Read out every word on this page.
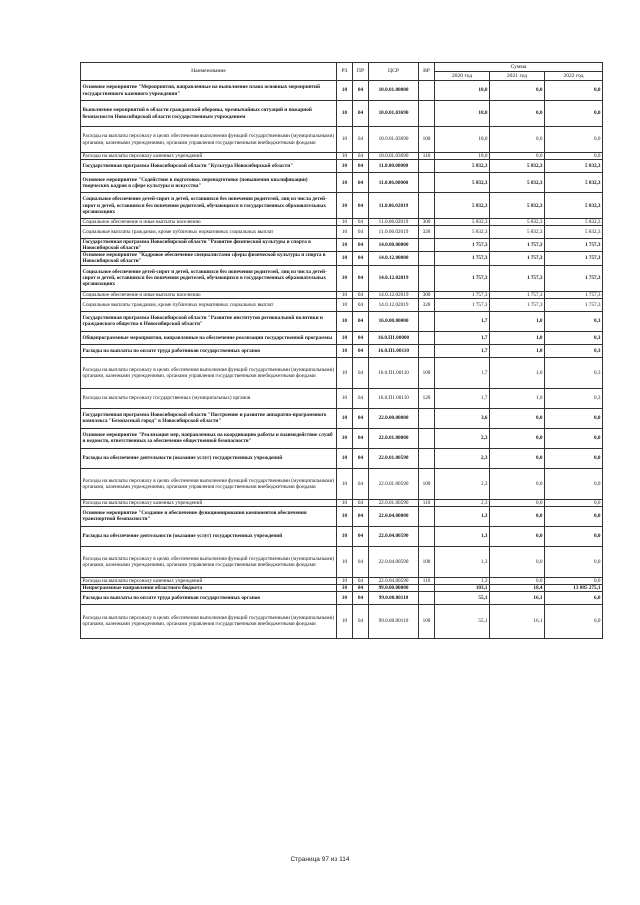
Наименование	РЗ	ПР	ЦСР	ВР	Сумма		
					2020 год	2021 год	2022 год
Основное мероприятие "Мероприятия, направленные на выполнение плана основных мероприятий государственного казенного учреждения"	10	04	10.0.01.00000		18,0	0,0	0,0
Выполнение мероприятий в области гражданской обороны, чрезвычайных ситуаций и пожарной безопасности Новосибирской области государственным учреждением	10	04	10.0.01.03690		18,0	0,0	0,0
Расходы на выплаты персоналу в целях обеспечения выполнения функций государственными (муниципальными) органами, казенными учреждениями, органами управления государственными внебюджетными фондами	10	04	10.0.01.03690	100	18,0	0,0	0,0
Расходы на выплаты персоналу казенных учреждений	10	04	10.0.01.03690	110	18,0	0,0	0,0
Государственная программа Новосибирской области "Культура Новосибирской области"	10	04	11.0.00.00000		5 832,3	5 832,3	5 832,3
Основное мероприятие "Содействие в подготовке, переподготовке (повышении квалификации) творческих кадров в сфере культуры и искусства"	10	04	11.0.06.00000		5 832,3	5 832,3	5 832,3
Социальное обеспечение детей-сирот и детей, оставшихся без попечения родителей, лиц из числа детей-сирот и детей, оставшихся без попечения родителей, обучающихся в государственных образовательных организациях	10	04	11.0.06.02019		5 832,3	5 832,3	5 832,3
Социальное обеспечение и иные выплаты населению	10	04	11.0.06.02019	300	5 832,3	5 832,3	5 832,3
Социальные выплаты гражданам, кроме публичных нормативных социальных выплат	10	04	11.0.06.02019	320	5 832,3	5 832,3	5 832,3
Государственная программа Новосибирской области "Развитие физической культуры и спорта в Новосибирской области"	10	04	14.0.00.00000		1 757,3	1 757,3	1 757,3
Основное мероприятие "Кадровое обеспечение специалистами сферы физической культуры и спорта в Новосибирской области"	10	04	14.0.12.00000		1 757,3	1 757,3	1 757,3
Социальное обеспечение детей-сирот и детей, оставшихся без попечения родителей, лиц из числа детей-сирот и детей, оставшихся без попечения родителей, обучающихся в государственных образовательных организациях	10	04	14.0.12.02019		1 757,3	1 757,3	1 757,3
Социальное обеспечение и иные выплаты населению	10	04	14.0.12.02019	300	1 757,3	1 757,3	1 757,3
Социальные выплаты гражданам, кроме публичных нормативных социальных выплат	10	04	14.0.12.02019	320	1 757,3	1 757,3	1 757,3
Государственная программа Новосибирской области "Развитие институтов региональной политики и гражданского общества в Новосибирской области"	10	04	16.0.00.00000		1,7	1,0	0,3
Общепрограммные мероприятия, направленные на обеспечение реализации государственной программы	10	04	16.0.П1.00000		1,7	1,0	0,3
Расходы на выплаты по оплате труда работников государственных органов	10	04	16.0.П1.00110		1,7	1,0	0,3
Расходы на выплаты персоналу в целях обеспечения выполнения функций государственными (муниципальными) органами, казенными учреждениями, органами управления государственными внебюджетными фондами	10	04	16.0.П1.00110	100	1,7	1,0	0,3
Расходы на выплаты персоналу государственных (муниципальных) органов	10	04	16.0.П1.00110	120	1,7	1,0	0,3
Государственная программа Новосибирской области "Построение и развитие аппаратно-программного комплекса "Безопасный город" в Новосибирской области"	10	04	22.0.00.00000		3,6	0,0	0,0
Основное мероприятие "Реализация мер, направленных на координацию работы и взаимодействие служб и ведомств, ответственных за обеспечение общественной безопасности"	10	04	22.0.01.00000		2,3	0,0	0,0
Расходы на обеспечение деятельности (оказание услуг) государственных учреждений	10	04	22.0.01.00590		2,3	0,0	0,0
Расходы на выплаты персоналу в целях обеспечения выполнения функций государственными (муниципальными) органами, казенными учреждениями, органами управления государственными внебюджетными фондами	10	04	22.0.01.00590	100	2,3	0,0	0,0
Расходы на выплаты персоналу казенных учреждений	10	04	22.0.01.00590	110	2,3	0,0	0,0
Основное мероприятие "Создание и обеспечение функционирования компонентов обеспечения транспортной безопасности"	10	04	22.0.04.00000		1,3	0,0	0,0
Расходы на обеспечение деятельности (оказание услуг) государственных учреждений	10	04	22.0.04.00590		1,3	0,0	0,0
Расходы на выплаты персоналу в целях обеспечения выполнения функций государственными (муниципальными) органами, казенными учреждениями, органами управления государственными внебюджетными фондами	10	04	22.0.04.00590	100	1,3	0,0	0,0
Расходы на выплаты персоналу казенных учреждений	10	04	22.0.04.00590	110	1,3	0,0	0,0
Непрограммные направления областного бюджета	10	04	99.0.00.00000		103,1	18,4	13 885 275,1
Расходы на выплаты по оплате труда работников государственных органов	10	04	99.0.00.00110		55,1	16,1	6,0
Расходы на выплаты персоналу в целях обеспечения выполнения функций государственными (муниципальными) органами, казенными учреждениями, органами управления государственными внебюджетными фондами	10	04	99.0.00.00110	100	55,1	16,1	6,0
Страница 97 из 114
